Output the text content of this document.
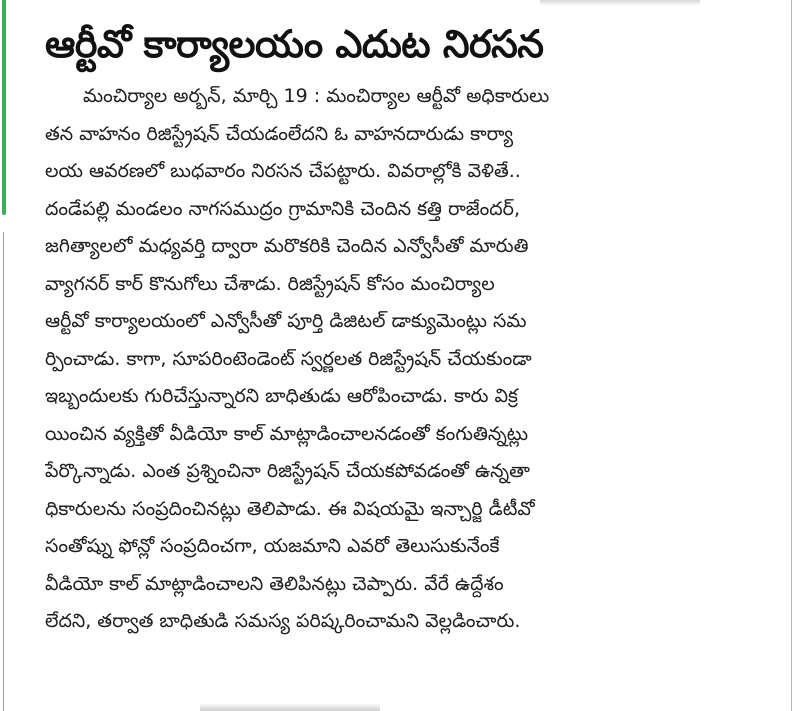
ఆర్టీవో కార్యాలయం ఎదుట నిరసన
మంచిర్యాల అర్బన్, మార్చి 19 : మంచిర్యాల ఆర్టీవో అధికారులు
తన వాహనం రిజిస్ట్రేషన్ చేయడంలేదని ఓ వాహనదారుడు కార్యా
లయ ఆవరణలో బుధవారం నిరసన చేపట్టారు. వివరాల్లోకి వెళితే..
దండేపల్లి మండలం నాగసముద్రం గ్రామానికి చెందిన కత్తి రాజేందర్,
జగిత్యాలలో మధ్యవర్తి ద్వారా మరొకరికి చెందిన ఎన్వోసీతో మారుతి
వ్యాగనర్ కార్ కొనుగోలు చేశాడు. రిజిస్ట్రేషన్ కోసం మంచిర్యాల
ఆర్టీవో కార్యాలయంలో ఎన్వోసీతో పూర్తి డిజిటల్ డాక్యుమెంట్లు సమ
ర్పించాడు. కాగా, సూపరింటెండెంట్ స్వర్ణలత రిజిస్ట్రేషన్ చేయకుండా
ఇబ్బందులకు గురిచేస్తున్నారని బాధితుడు ఆరోపించాడు. కారు విక్ర
యించిన వ్యక్తితో వీడియో కాల్ మాట్లాడించాలనడంతో కంగుతిన్నట్లు
పేర్కొన్నాడు. ఎంత ప్రశ్నించినా రిజిస్ట్రేషన్ చేయకపోవడంతో ఉన్నతా
ధికారులను సంప్రదించినట్లు తెలిపాడు. ఈ విషయమై ఇన్చార్జి డీటీవో
సంతోష్ను ఫోన్లో సంప్రదించగా, యజమాని ఎవరో తెలుసుకునేంకే
వీడియో కాల్ మాట్లాడించాలని తెలిపినట్లు చెప్పారు. వేరే ఉద్దేశం
లేదని, తర్వాత బాధితుడి సమస్య పరిష్కరించామని వెల్లడించారు.
